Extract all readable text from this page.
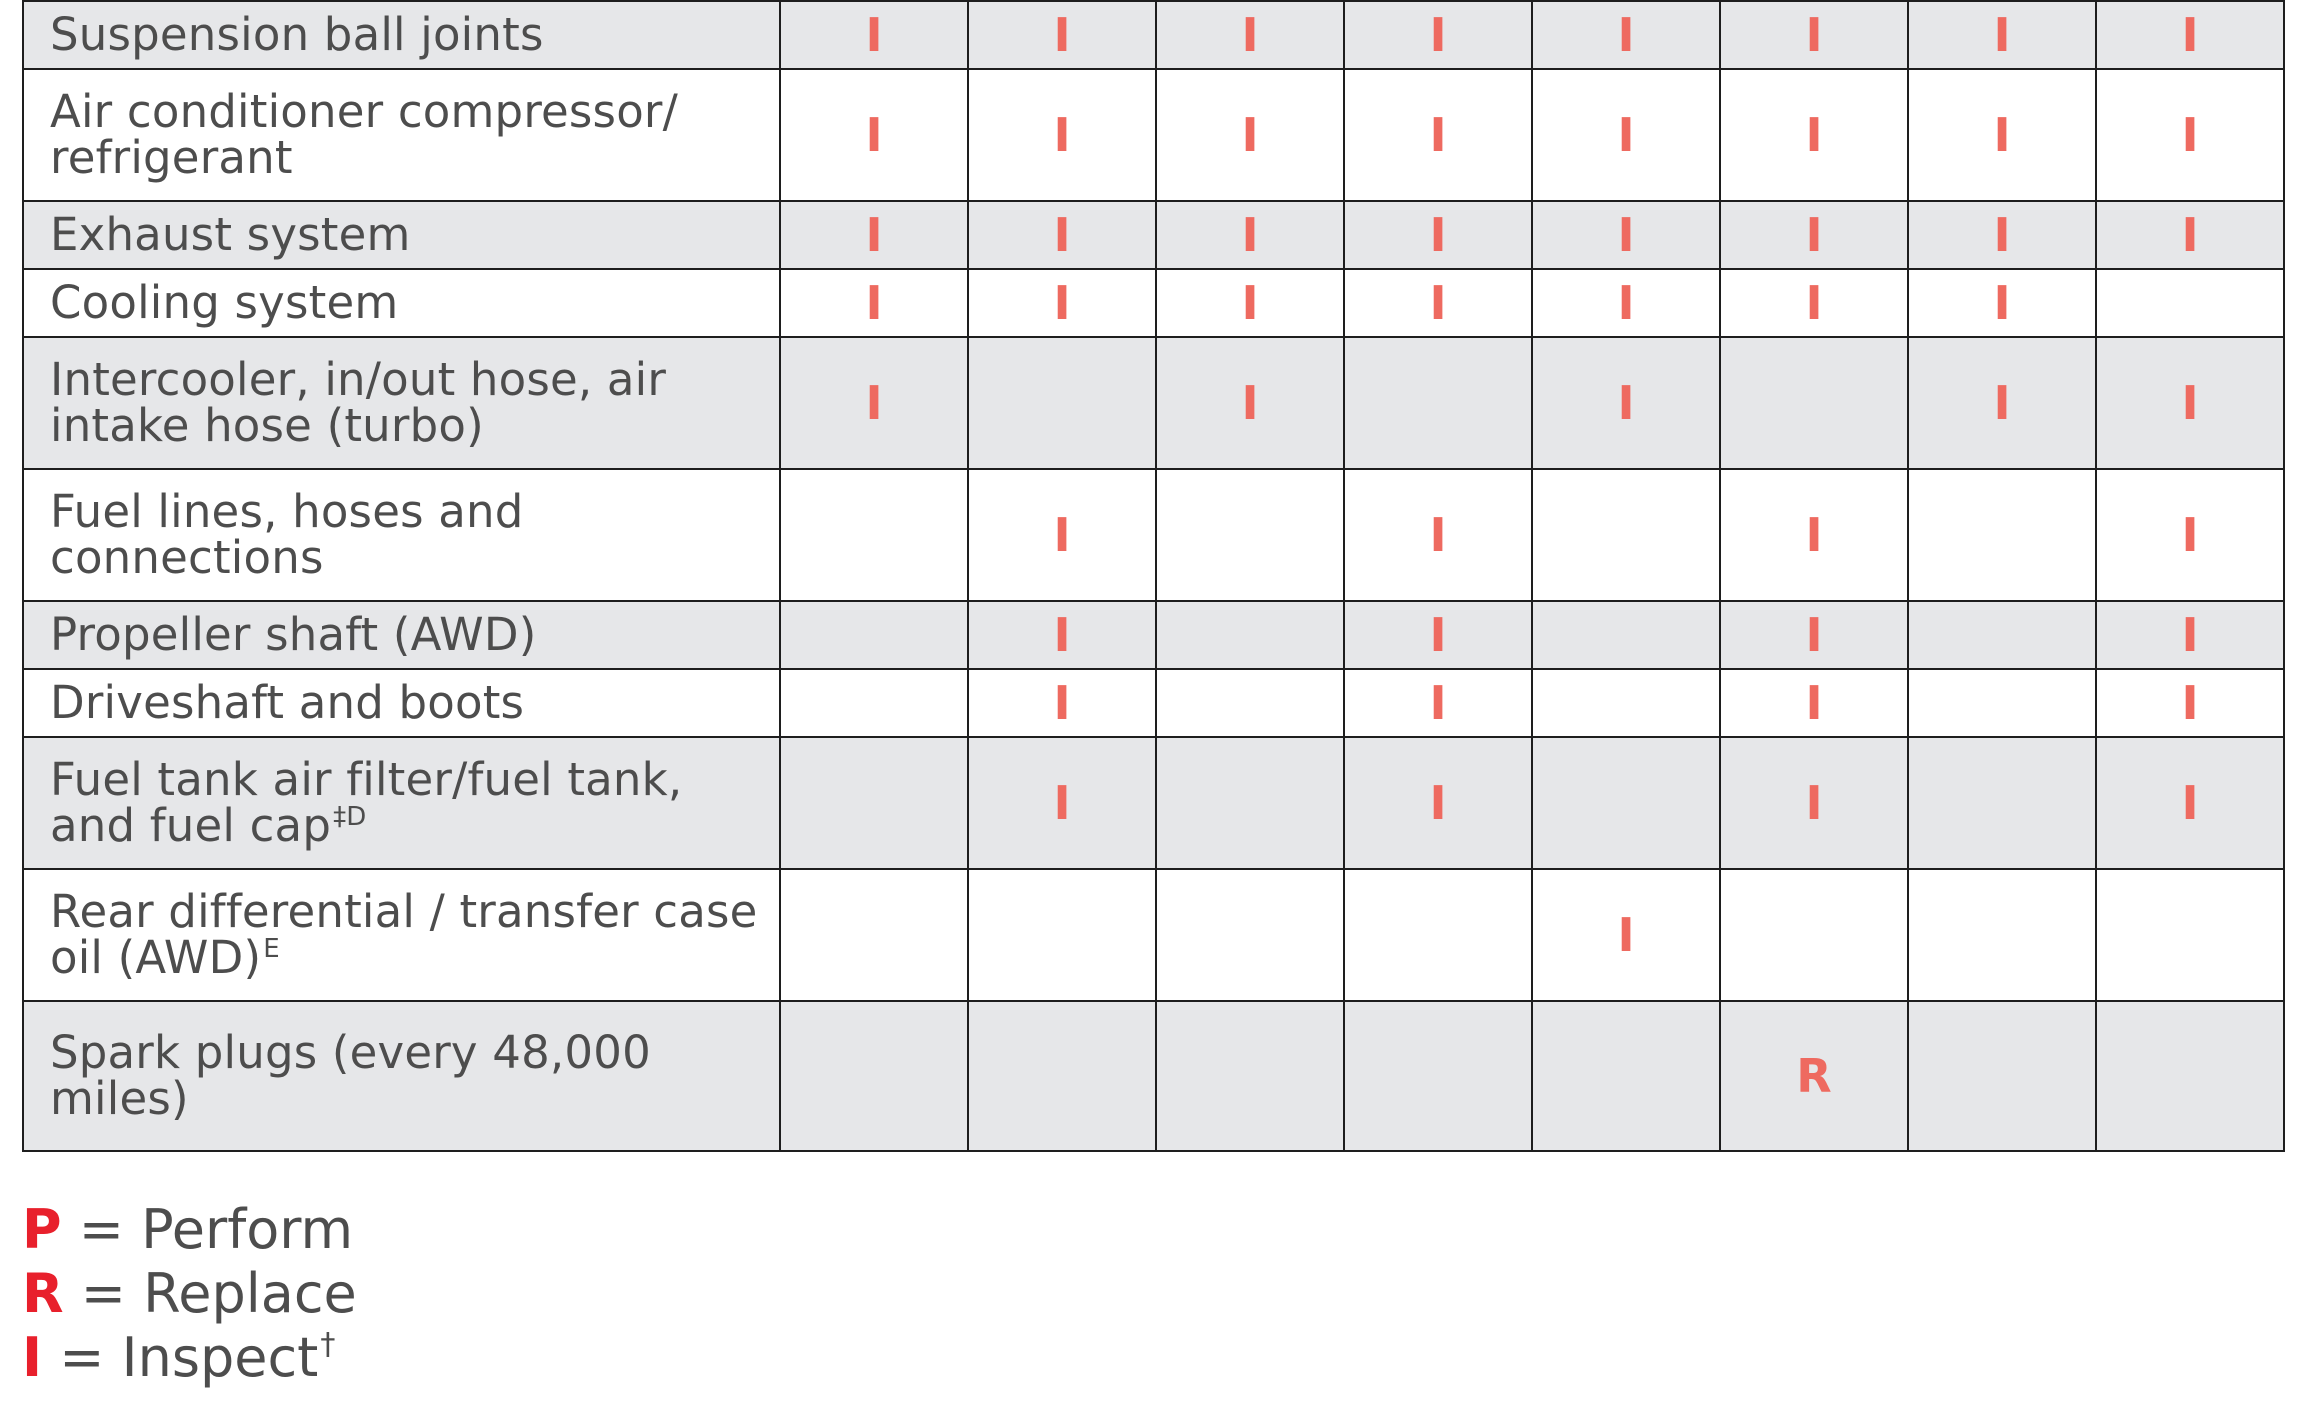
Suspension ball joints	I	I	I	I	I	I	I	I

Air conditioner compressor/ refrigerant	I	I	I	I	I	I	I	I

Exhaust system	I	I	I	I	I	I	I	I

Cooling system	I	I	I	I	I	I	I	

Intercooler, in/out hose, air intake hose (turbo)	I		I		I		I	I

Fuel lines, hoses and connections		I		I		I		I

Propeller shaft (AWD)		I		I		I		I

Driveshaft and boots		I		I		I		I

Fuel tank air filter/fuel tank, and fuel cap$^{\ddagger D}$		I		I		I		I

Rear differential / transfer case oil (AWD)$^E$					I			

Spark plugs (every 48,000 miles)						R		
P = Perform
R = Replace
I = Inspect†
